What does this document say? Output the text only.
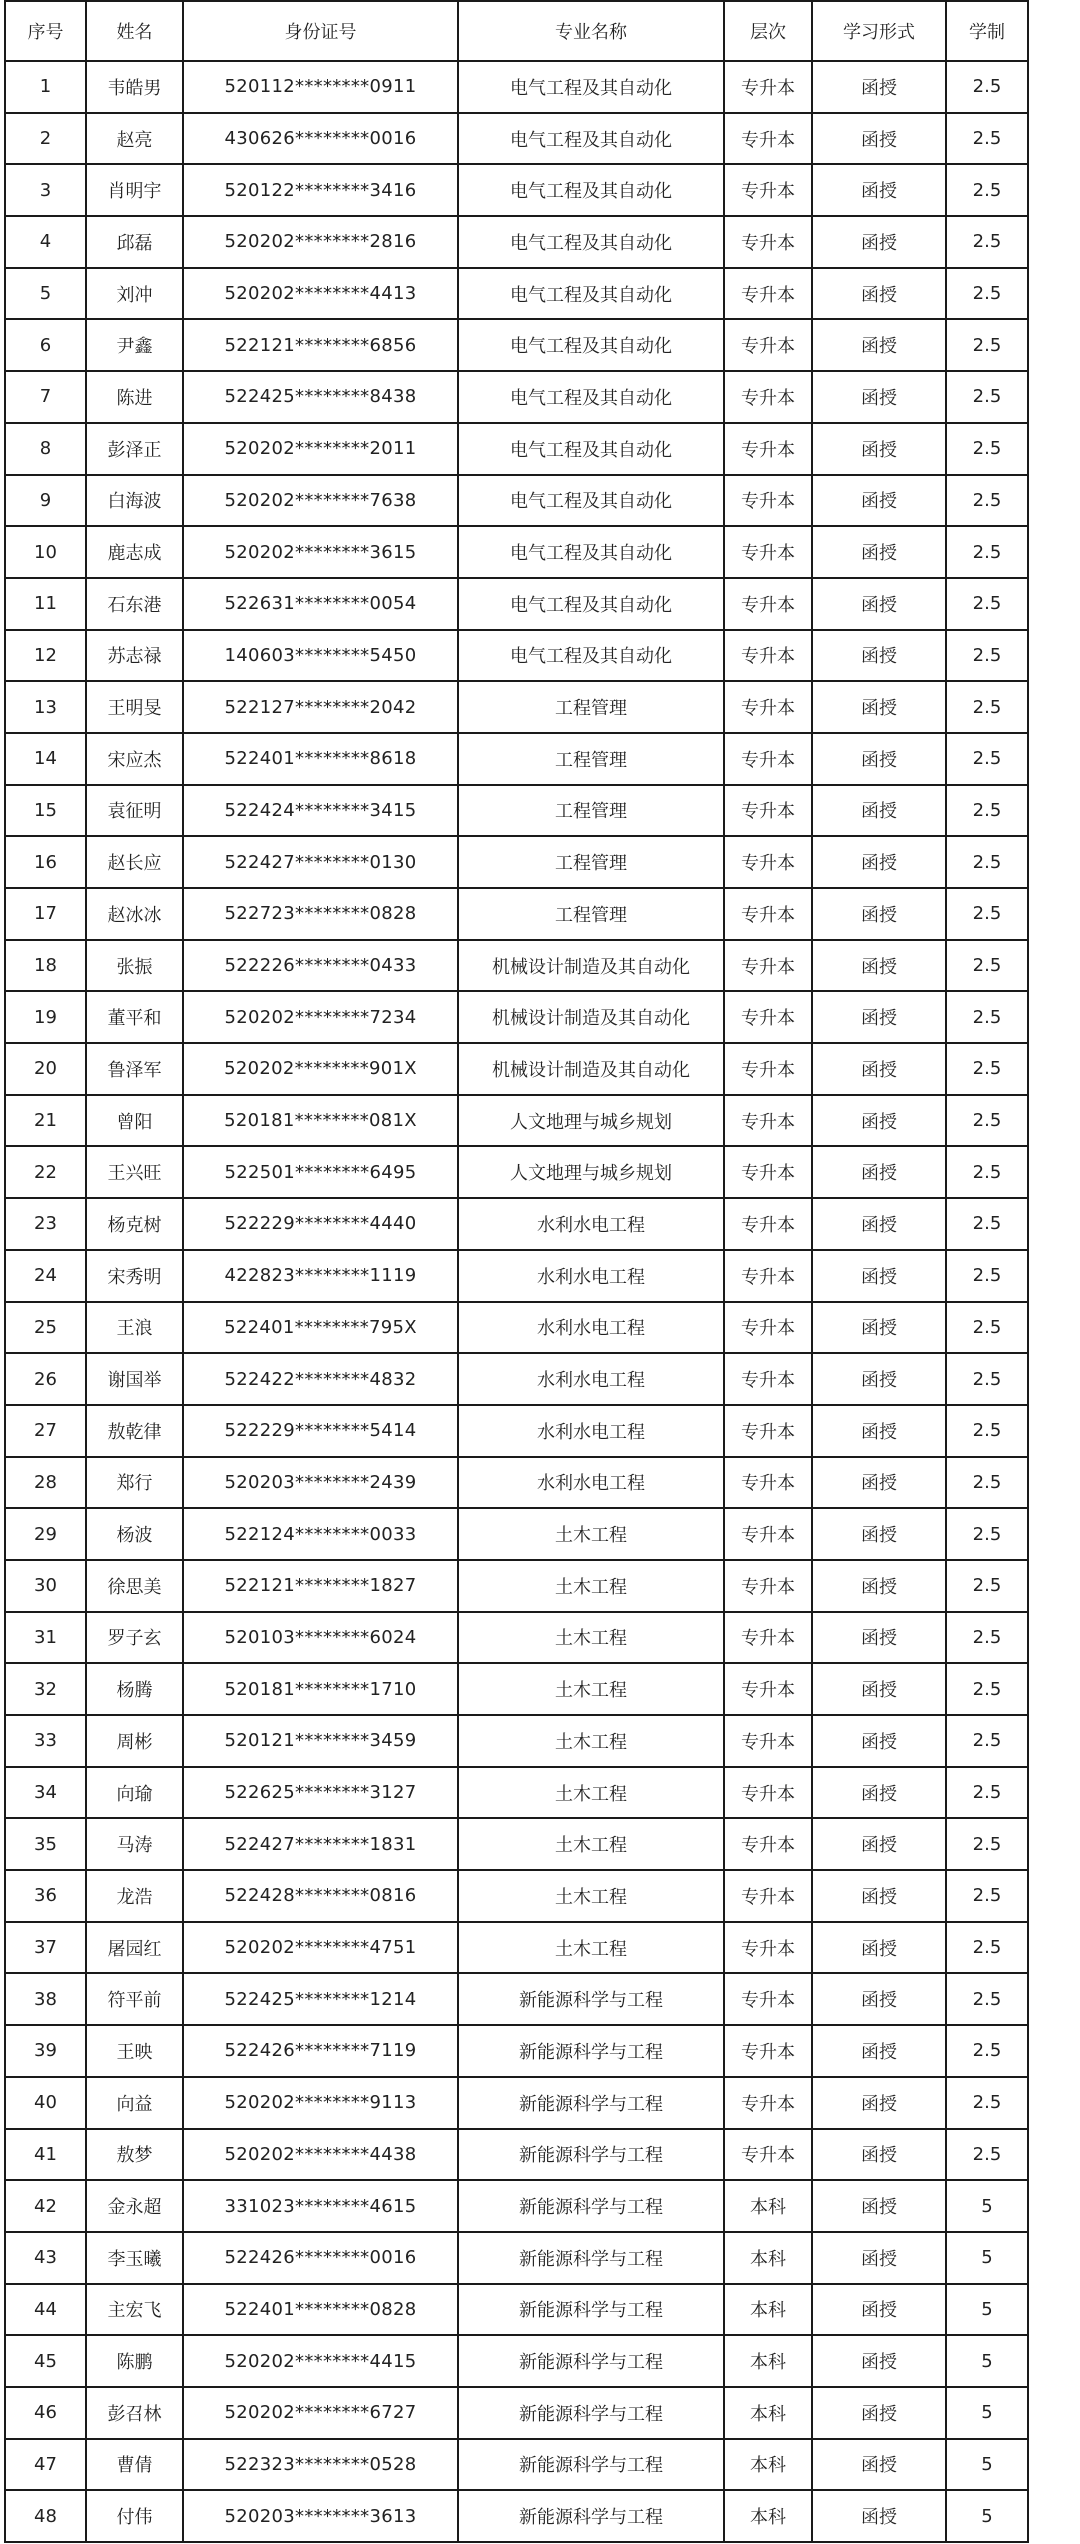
序号	姓名	身份证号	专业名称	层次	学习形式	学制
1	韦皓男	520112********0911	电气工程及其自动化	专升本	函授	2.5
2	赵亮	430626********0016	电气工程及其自动化	专升本	函授	2.5
3	肖明宇	520122********3416	电气工程及其自动化	专升本	函授	2.5
4	邱磊	520202********2816	电气工程及其自动化	专升本	函授	2.5
5	刘冲	520202********4413	电气工程及其自动化	专升本	函授	2.5
6	尹鑫	522121********6856	电气工程及其自动化	专升本	函授	2.5
7	陈进	522425********8438	电气工程及其自动化	专升本	函授	2.5
8	彭泽正	520202********2011	电气工程及其自动化	专升本	函授	2.5
9	白海波	520202********7638	电气工程及其自动化	专升本	函授	2.5
10	鹿志成	520202********3615	电气工程及其自动化	专升本	函授	2.5
11	石东港	522631********0054	电气工程及其自动化	专升本	函授	2.5
12	苏志禄	140603********5450	电气工程及其自动化	专升本	函授	2.5
13	王明旻	522127********2042	工程管理	专升本	函授	2.5
14	宋应杰	522401********8618	工程管理	专升本	函授	2.5
15	袁征明	522424********3415	工程管理	专升本	函授	2.5
16	赵长应	522427********0130	工程管理	专升本	函授	2.5
17	赵冰冰	522723********0828	工程管理	专升本	函授	2.5
18	张振	522226********0433	机械设计制造及其自动化	专升本	函授	2.5
19	董平和	520202********7234	机械设计制造及其自动化	专升本	函授	2.5
20	鲁泽军	520202********901X	机械设计制造及其自动化	专升本	函授	2.5
21	曾阳	520181********081X	人文地理与城乡规划	专升本	函授	2.5
22	王兴旺	522501********6495	人文地理与城乡规划	专升本	函授	2.5
23	杨克树	522229********4440	水利水电工程	专升本	函授	2.5
24	宋秀明	422823********1119	水利水电工程	专升本	函授	2.5
25	王浪	522401********795X	水利水电工程	专升本	函授	2.5
26	谢国举	522422********4832	水利水电工程	专升本	函授	2.5
27	敖乾律	522229********5414	水利水电工程	专升本	函授	2.5
28	郑行	520203********2439	水利水电工程	专升本	函授	2.5
29	杨波	522124********0033	土木工程	专升本	函授	2.5
30	徐思美	522121********1827	土木工程	专升本	函授	2.5
31	罗子玄	520103********6024	土木工程	专升本	函授	2.5
32	杨腾	520181********1710	土木工程	专升本	函授	2.5
33	周彬	520121********3459	土木工程	专升本	函授	2.5
34	向瑜	522625********3127	土木工程	专升本	函授	2.5
35	马涛	522427********1831	土木工程	专升本	函授	2.5
36	龙浩	522428********0816	土木工程	专升本	函授	2.5
37	屠园红	520202********4751	土木工程	专升本	函授	2.5
38	符平前	522425********1214	新能源科学与工程	专升本	函授	2.5
39	王映	522426********7119	新能源科学与工程	专升本	函授	2.5
40	向益	520202********9113	新能源科学与工程	专升本	函授	2.5
41	敖梦	520202********4438	新能源科学与工程	专升本	函授	2.5
42	金永超	331023********4615	新能源科学与工程	本科	函授	5
43	李玉曦	522426********0016	新能源科学与工程	本科	函授	5
44	主宏飞	522401********0828	新能源科学与工程	本科	函授	5
45	陈鹏	520202********4415	新能源科学与工程	本科	函授	5
46	彭召林	520202********6727	新能源科学与工程	本科	函授	5
47	曹倩	522323********0528	新能源科学与工程	本科	函授	5
48	付伟	520203********3613	新能源科学与工程	本科	函授	5
